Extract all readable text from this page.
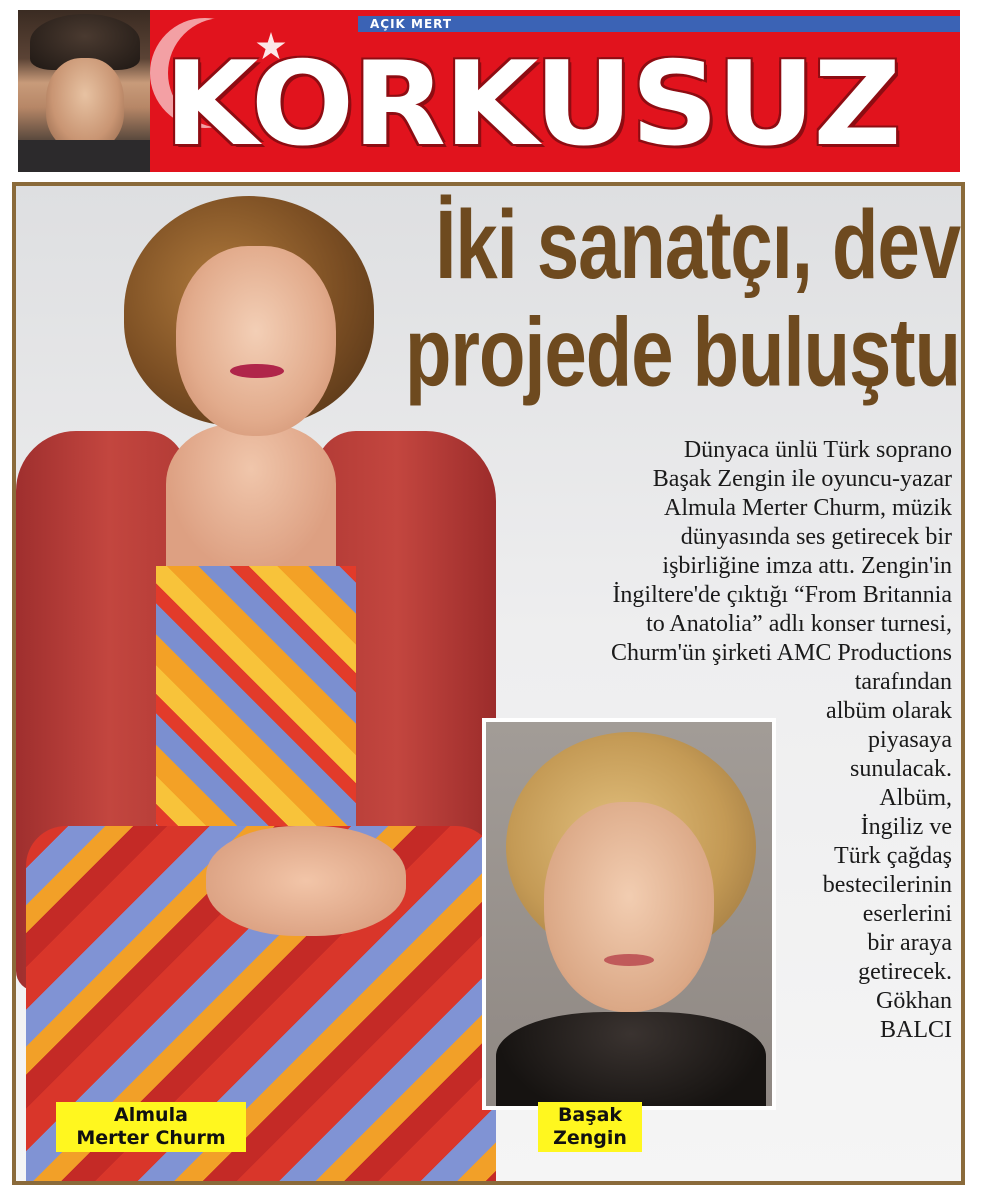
AÇIK MERT
KORKUSUZ
İki sanatçı, dev projede buluştu
Dünyaca ünlü Türk soprano
Başak Zengin ile oyuncu-yazar
Almula Merter Churm, müzik
dünyasında ses getirecek bir
işbirliğine imza attı. Zengin'in
İngiltere'de çıktığı “From Britannia
to Anatolia” adlı konser turnesi,
Churm'ün şirketi AMC Productions
tarafından
albüm olarak
piyasaya
sunulacak.
Albüm,
İngiliz ve
Türk çağdaş
bestecilerinin
eserlerini
bir araya
getirecek.
Gökhan
BALCI
Almula
Merter Churm
Başak
Zengin
